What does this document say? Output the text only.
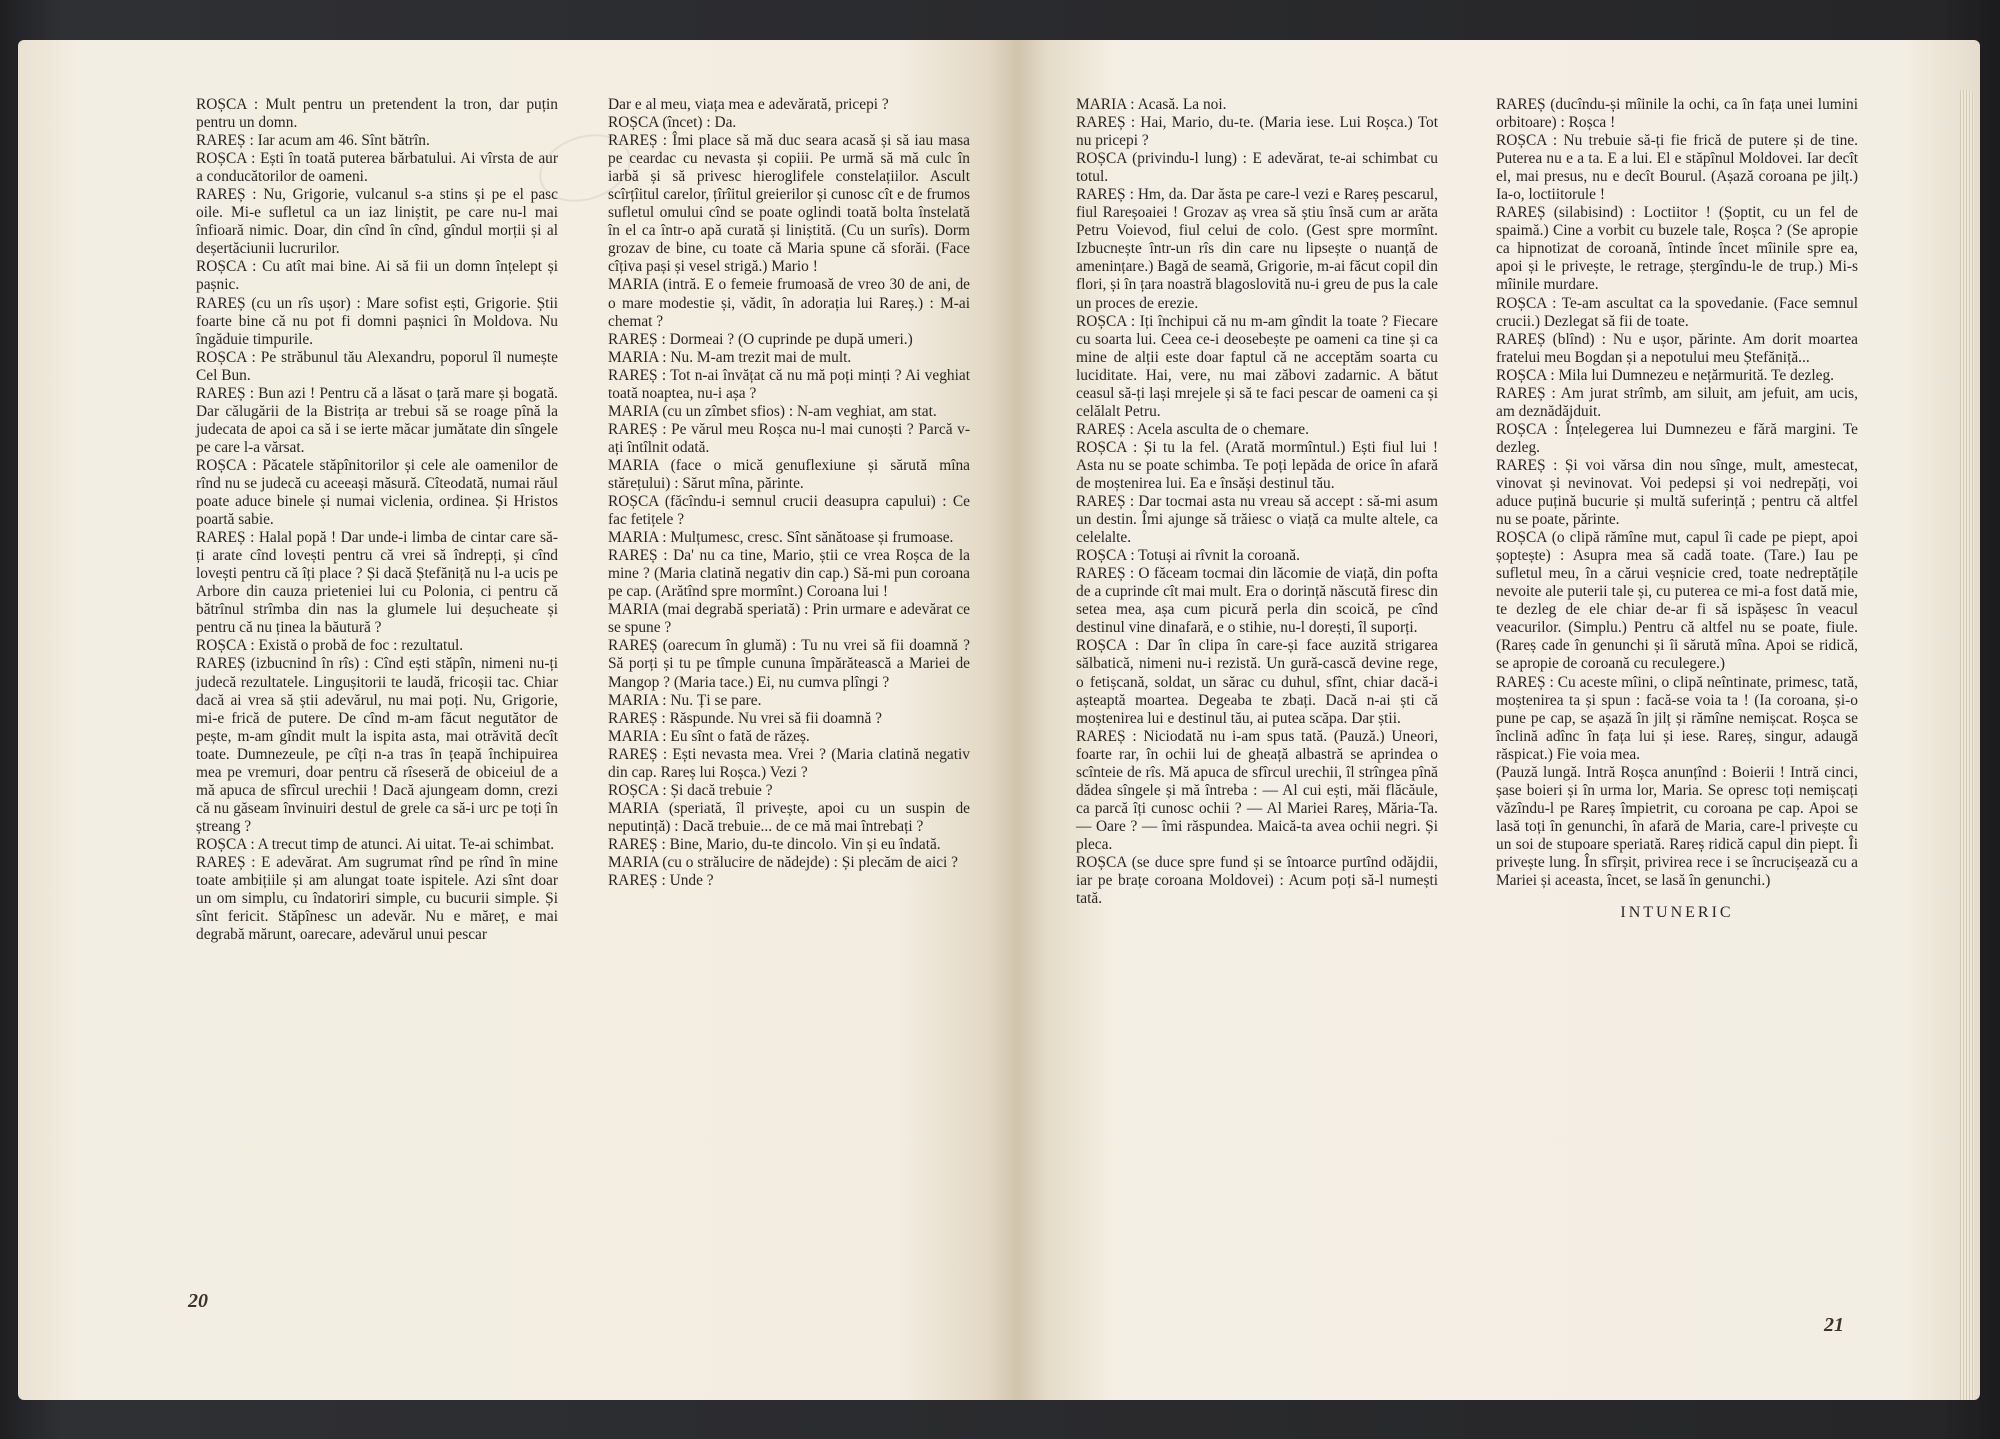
ROȘCA : Mult pentru un pretendent la tron, dar puțin pentru un domn.

RAREȘ : Iar acum am 46. Sînt bătrîn.

ROȘCA : Ești în toată puterea bărbatului. Ai vîrsta de aur a conducătorilor de oameni.

RAREȘ : Nu, Grigorie, vulcanul s-a stins și pe el pasc oile. Mi-e sufletul ca un iaz liniștit, pe care nu-l mai înfioară nimic. Doar, din cînd în cînd, gîndul morții și al deșertăciunii lucrurilor.

ROȘCA : Cu atît mai bine. Ai să fii un domn înțelept și pașnic.

RAREȘ (cu un rîs ușor) : Mare sofist ești, Grigorie. Știi foarte bine că nu pot fi domni pașnici în Moldova. Nu îngăduie timpurile.

ROȘCA : Pe străbunul tău Alexandru, poporul îl numește Cel Bun.

RAREȘ : Bun azi ! Pentru că a lăsat o țară mare și bogată. Dar călugării de la Bistrița ar trebui să se roage pînă la judecata de apoi ca să i se ierte măcar jumătate din sîngele pe care l-a vărsat.

ROȘCA : Păcatele stăpînitorilor și cele ale oamenilor de rînd nu se judecă cu aceeași măsură. Cîteodată, numai răul poate aduce binele și numai viclenia, ordinea. Și Hristos poartă sabie.

RAREȘ : Halal popă ! Dar unde-i limba de cintar care să-ți arate cînd lovești pentru că vrei să îndrepți, și cînd lovești pentru că îți place ? Și dacă Ștefăniță nu l-a ucis pe Arbore din cauza prieteniei lui cu Polonia, ci pentru că bătrînul strîmba din nas la glumele lui deșucheate și pentru că nu ținea la băutură ?

ROȘCA : Există o probă de foc : rezultatul.

RAREȘ (izbucnind în rîs) : Cînd ești stăpîn, nimeni nu-ți judecă rezultatele. Lingușitorii te laudă, fricoșii tac. Chiar dacă ai vrea să știi adevărul, nu mai poți. Nu, Grigorie, mi-e frică de putere. De cînd m-am făcut negutător de pește, m-am gîndit mult la ispita asta, mai otrăvită decît toate. Dumnezeule, pe cîți n-a tras în țeapă închipuirea mea pe vremuri, doar pentru că rîseseră de obiceiul de a mă apuca de sfîrcul urechii ! Dacă ajungeam domn, crezi că nu găseam învinuiri destul de grele ca să-i urc pe toți în ștreang ?

ROȘCA : A trecut timp de atunci. Ai uitat. Te-ai schimbat.

RAREȘ : E adevărat. Am sugrumat rînd pe rînd în mine toate ambițiile și am alungat toate ispitele. Azi sînt doar un om simplu, cu îndatoriri simple, cu bucurii simple. Și sînt fericit. Stăpînesc un adevăr. Nu e măreț, e mai degrabă mărunt, oarecare, adevărul unui pescar

Dar e al meu, viața mea e adevărată, pricepi ?

ROȘCA (încet) : Da.

RAREȘ : Îmi place să mă duc seara acasă și să iau masa pe ceardac cu nevasta și copiii. Pe urmă să mă culc în iarbă și să privesc hieroglifele constelațiilor. Ascult scîrțîitul carelor, țîrîitul greierilor și cunosc cît e de frumos sufletul omului cînd se poate oglindi toată bolta înstelată în el ca într-o apă curată și liniștită. (Cu un surîs). Dorm grozav de bine, cu toate că Maria spune că sforăi. (Face cîțiva pași și vesel strigă.) Mario !

MARIA (intră. E o femeie frumoasă de vreo 30 de ani, de o mare modestie și, vădit, în adorația lui Rareș.) : M-ai chemat ?

RAREȘ : Dormeai ? (O cuprinde pe după umeri.)

MARIA : Nu. M-am trezit mai de mult.

RAREȘ : Tot n-ai învățat că nu mă poți minți ? Ai veghiat toată noaptea, nu-i așa ?

MARIA (cu un zîmbet sfios) : N-am veghiat, am stat.

RAREȘ : Pe vărul meu Roșca nu-l mai cunoști ? Parcă v-ați întîlnit odată.

MARIA (face o mică genuflexiune și sărută mîna stărețului) : Sărut mîna, părinte.

ROȘCA (făcîndu-i semnul crucii deasupra capului) : Ce fac fetițele ?

MARIA : Mulțumesc, cresc. Sînt sănătoase și frumoase.

RAREȘ : Da' nu ca tine, Mario, știi ce vrea Roșca de la mine ? (Maria clatină negativ din cap.) Să-mi pun coroana pe cap. (Arătînd spre mormînt.) Coroana lui !

MARIA (mai degrabă speriată) : Prin urmare e adevărat ce se spune ?

RAREȘ (oarecum în glumă) : Tu nu vrei să fii doamnă ? Să porți și tu pe tîmple cununa împărătească a Mariei de Mangop ? (Maria tace.) Ei, nu cumva plîngi ?

MARIA : Nu. Ți se pare.

RAREȘ : Răspunde. Nu vrei să fii doamnă ?

MARIA : Eu sînt o fată de răzeș.

RAREȘ : Ești nevasta mea. Vrei ? (Maria clatină negativ din cap. Rareș lui Roșca.) Vezi ?

ROȘCA : Și dacă trebuie ?

MARIA (speriată, îl privește, apoi cu un suspin de neputință) : Dacă trebuie... de ce mă mai întrebați ?

RAREȘ : Bine, Mario, du-te dincolo. Vin și eu îndată.

MARIA (cu o strălucire de nădejde) : Și plecăm de aici ?

RAREȘ : Unde ?

20

MARIA : Acasă. La noi.

RAREȘ : Hai, Mario, du-te. (Maria iese. Lui Roșca.) Tot nu pricepi ?

ROȘCA (privindu-l lung) : E adevărat, te-ai schimbat cu totul.

RAREȘ : Hm, da. Dar ăsta pe care-l vezi e Rareș pescarul, fiul Rareșoaiei ! Grozav aș vrea să știu însă cum ar arăta Petru Voievod, fiul celui de colo. (Gest spre mormînt. Izbucnește într-un rîs din care nu lipsește o nuanță de amenințare.) Bagă de seamă, Grigorie, m-ai făcut copil din flori, și în țara noastră blagoslovită nu-i greu de pus la cale un proces de erezie.

ROȘCA : Iți închipui că nu m-am gîndit la toate ? Fiecare cu soarta lui. Ceea ce-i deosebește pe oameni ca tine și ca mine de alții este doar faptul că ne acceptăm soarta cu luciditate. Hai, vere, nu mai zăbovi zadarnic. A bătut ceasul să-ți lași mrejele și să te faci pescar de oameni ca și celălalt Petru.

RAREȘ : Acela asculta de o chemare.

ROȘCA : Și tu la fel. (Arată mormîntul.) Ești fiul lui ! Asta nu se poate schimba. Te poți lepăda de orice în afară de moștenirea lui. Ea e însăși destinul tău.

RAREȘ : Dar tocmai asta nu vreau să accept : să-mi asum un destin. Îmi ajunge să trăiesc o viață ca multe altele, ca celelalte.

ROȘCA : Totuși ai rîvnit la coroană.

RAREȘ : O făceam tocmai din lăcomie de viață, din pofta de a cuprinde cît mai mult. Era o dorință născută firesc din setea mea, așa cum picură perla din scoică, pe cînd destinul vine dinafară, e o stihie, nu-l dorești, îl suporți.

ROȘCA : Dar în clipa în care-și face auzită strigarea sălbatică, nimeni nu-i rezistă. Un gură-cască devine rege, o fetișcană, soldat, un sărac cu duhul, sfînt, chiar dacă-i așteaptă moartea. Degeaba te zbați. Dacă n-ai ști că moștenirea lui e destinul tău, ai putea scăpa. Dar știi.

RAREȘ : Niciodată nu i-am spus tată. (Pauză.) Uneori, foarte rar, în ochii lui de gheață albastră se aprindea o scînteie de rîs. Mă apuca de sfîrcul urechii, îl strîngea pînă dădea sîngele și mă întreba : — Al cui ești, măi flăcăule, ca parcă îți cunosc ochii ? — Al Mariei Rareș, Măria-Ta. — Oare ? — îmi răspundea. Maică-ta avea ochii negri. Și pleca.

ROȘCA (se duce spre fund și se întoarce purtînd odăjdii, iar pe brațe coroana Moldovei) : Acum poți să-l numești tată.

RAREȘ (ducîndu-și mîinile la ochi, ca în fața unei lumini orbitoare) : Roșca !

ROȘCA : Nu trebuie să-ți fie frică de putere și de tine. Puterea nu e a ta. E a lui. El e stăpînul Moldovei. Iar decît el, mai presus, nu e decît Bourul. (Așază coroana pe jilț.) Ia-o, loctiitorule !

RAREȘ (silabisind) : Loctiitor ! (Șoptit, cu un fel de spaimă.) Cine a vorbit cu buzele tale, Roșca ? (Se apropie ca hipnotizat de coroană, întinde încet mîinile spre ea, apoi și le privește, le retrage, ștergîndu-le de trup.) Mi-s mîinile murdare.

ROȘCA : Te-am ascultat ca la spovedanie. (Face semnul crucii.) Dezlegat să fii de toate.

RAREȘ (blînd) : Nu e ușor, părinte. Am dorit moartea fratelui meu Bogdan și a nepotului meu Ștefăniță...

ROȘCA : Mila lui Dumnezeu e nețărmurită. Te dezleg.

RAREȘ : Am jurat strîmb, am siluit, am jefuit, am ucis, am deznădăjduit.

ROȘCA : Înțelegerea lui Dumnezeu e fără margini. Te dezleg.

RAREȘ : Și voi vărsa din nou sînge, mult, amestecat, vinovat și nevinovat. Voi pedepsi și voi nedrepăți, voi aduce puțină bucurie și multă suferință ; pentru că altfel nu se poate, părinte.

ROȘCA (o clipă rămîne mut, capul îi cade pe piept, apoi șoptește) : Asupra mea să cadă toate. (Tare.) Iau pe sufletul meu, în a cărui veșnicie cred, toate nedreptățile nevoite ale puterii tale și, cu puterea ce mi-a fost dată mie, te dezleg de ele chiar de-ar fi să ispășesc în veacul veacurilor. (Simplu.) Pentru că altfel nu se poate, fiule. (Rareș cade în genunchi și îi sărută mîna. Apoi se ridică, se apropie de coroană cu reculegere.)

RAREȘ : Cu aceste mîini, o clipă neîntinate, primesc, tată, moștenirea ta și spun : facă-se voia ta ! (Ia coroana, și-o pune pe cap, se așază în jilț și rămîne nemișcat. Roșca se înclină adînc în fața lui și iese. Rareș, singur, adaugă răspicat.) Fie voia mea.

(Pauză lungă. Intră Roșca anunțînd : Boierii ! Intră cinci, șase boieri și în urma lor, Maria. Se opresc toți nemișcați văzîndu-l pe Rareș împietrit, cu coroana pe cap. Apoi se lasă toți în genunchi, în afară de Maria, care-l privește cu un soi de stupoare speriată. Rareș ridică capul din piept. Îi privește lung. În sfîrșit, privirea rece i se încrucișează cu a Mariei și aceasta, încet, se lasă în genunchi.)

INTUNERIC
21
